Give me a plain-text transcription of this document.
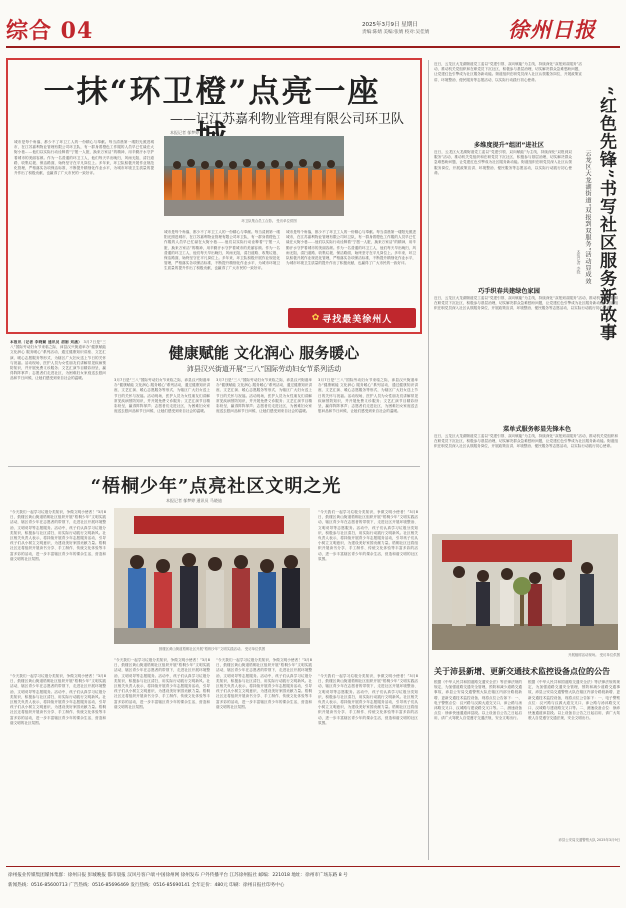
综合 04	2025年3月9日 星期日
责编:陈婧 美编:张婧 校对:吴佳婧	徐州日报
一抹“环卫橙”点亮一座
——记江苏嘉利物业管理有限公司环卫队
本报记者 郁梦婷
环卫队集合员工合影。 受访单位供图
城市是每个角落，都少不了环卫工人的一份精心与奉献。每当清晨第一缕阳光照进城市，在江苏嘉利物业管理有限公司环卫队，有一群身着橙色工作服的人员早已忙碌在大街小巷……他们以实际行动诠释着“宁愿一人脏，换来万家洁”的精神，用辛勤汗水守护着城市的美丽容颜。作为一名普通的环卫工人，他们每天早出晚归，风雨无阻，清扫道路、收集垃圾、保洁路面，始终坚守在平凡岗位上。多年来，环卫队积极开展作业规范化管理，严格落实各项保洁标准，不断提升精细化作业水平，为城市环境卫生质量的提升作出了积极贡献，也赢得了广大市民的一致好评。
城市是每个角落，都少不了环卫工人的一份精心与奉献。每当清晨第一缕阳光照进城市，在江苏嘉利物业管理有限公司环卫队，有一群身着橙色工作服的人员早已忙碌在大街小巷……他们以实际行动诠释着“宁愿一人脏，换来万家洁”的精神，用辛勤汗水守护着城市的美丽容颜。作为一名普通的环卫工人，他们每天早出晚归，风雨无阻，清扫道路、收集垃圾、保洁路面，始终坚守在平凡岗位上。多年来，环卫队积极开展作业规范化管理，严格落实各项保洁标准，不断提升精细化作业水平，为城市环境卫生质量的提升作出了积极贡献，也赢得了广大市民的一致好评。
城市是每个角落，都少不了环卫工人的一份精心与奉献。每当清晨第一缕阳光照进城市，在江苏嘉利物业管理有限公司环卫队，有一群身着橙色工作服的人员早已忙碌在大街小巷……他们以实际行动诠释着“宁愿一人脏，换来万家洁”的精神，用辛勤汗水守护着城市的美丽容颜。作为一名普通的环卫工人，他们每天早出晚归，风雨无阻，清扫道路、收集垃圾、保洁路面，始终坚守在平凡岗位上。多年来，环卫队积极开展作业规范化管理，严格落实各项保洁标准，不断提升精细化作业水平，为城市环境卫生质量的提升作出了积极贡献，也赢得了广大市民的一致好评。
✿ 寻找最美徐州人
本报讯（记者 李晓颖 通讯员 胡娟 刘涵） 3月7日是“三八”国际劳动妇女节来临之际，沛县汉兴街道举办“健康赋能 文化润心 服务暖心”系列活动，通过健康知识讲座、文艺汇演、暖心志愿服务等形式，为辖区广大妇女送上节日的关怀与祝福。活动现场，医护人员为女性朋友们讲解常见疾病预防知识，并开展免费义诊服务；文艺汇演节目精彩纷呈，赢得阵阵掌声；志愿者们走进社区，为困难妇女家庭送去慰问品和节日问候，让她们感受到来自社会的温暖。
健康赋能 文化润心 服务暖心
沛县汉兴街道开展“三八”国际劳动妇女节系列活动
3月7日是“三八”国际劳动妇女节来临之际，沛县汉兴街道举办“健康赋能 文化润心 服务暖心”系列活动，通过健康知识讲座、文艺汇演、暖心志愿服务等形式，为辖区广大妇女送上节日的关怀与祝福。活动现场，医护人员为女性朋友们讲解常见疾病预防知识，并开展免费义诊服务；文艺汇演节目精彩纷呈，赢得阵阵掌声；志愿者们走进社区，为困难妇女家庭送去慰问品和节日问候，让她们感受到来自社会的温暖。
3月7日是“三八”国际劳动妇女节来临之际，沛县汉兴街道举办“健康赋能 文化润心 服务暖心”系列活动，通过健康知识讲座、文艺汇演、暖心志愿服务等形式，为辖区广大妇女送上节日的关怀与祝福。活动现场，医护人员为女性朋友们讲解常见疾病预防知识，并开展免费义诊服务；文艺汇演节目精彩纷呈，赢得阵阵掌声；志愿者们走进社区，为困难妇女家庭送去慰问品和节日问候，让她们感受到来自社会的温暖。
3月7日是“三八”国际劳动妇女节来临之际，沛县汉兴街道举办“健康赋能 文化润心 服务暖心”系列活动，通过健康知识讲座、文艺汇演、暖心志愿服务等形式，为辖区广大妇女送上节日的关怀与祝福。活动现场，医护人员为女性朋友们讲解常见疾病预防知识，并开展免费义诊服务；文艺汇演节目精彩纷呈，赢得阵阵掌声；志愿者们走进社区，为困难妇女家庭送去慰问品和节日问候，让她们感受到来自社会的温暖。
“梧桐少年”点亮社区文明之光
本报记者 郁梦婷 通讯员 马晓迪
“今天我们一起学习垃圾分类知识，争做文明小使者！”3月8日，鼓楼区黄山街道梧桐社区组织开展“梧桐少年”文明实践活动，辖区青少年在志愿者的带领下，走进社区开展环境整治、文明劝导等志愿服务。活动中，孩子们认真学习垃圾分类知识，积极参与社区清扫，用实际行动践行文明新风。社区相关负责人表示，将持续开展青少年志愿服务活动，引导孩子们从小树立文明意识，为建设美好家园贡献力量。梧桐社区还将组织开展读书分享、手工制作、传统文化体验等丰富多彩的活动，进一步丰富辖区青少年的课余生活，营造和谐文明的社区氛围。
鼓楼区黄山街道梧桐社区开展“梧桐少年”文明实践活动。 受访单位供图
“今天我们一起学习垃圾分类知识，争做文明小使者！”3月8日，鼓楼区黄山街道梧桐社区组织开展“梧桐少年”文明实践活动，辖区青少年在志愿者的带领下，走进社区开展环境整治、文明劝导等志愿服务。活动中，孩子们认真学习垃圾分类知识，积极参与社区清扫，用实际行动践行文明新风。社区相关负责人表示，将持续开展青少年志愿服务活动，引导孩子们从小树立文明意识，为建设美好家园贡献力量。梧桐社区还将组织开展读书分享、手工制作、传统文化体验等丰富多彩的活动，进一步丰富辖区青少年的课余生活，营造和谐文明的社区氛围。
“今天我们一起学习垃圾分类知识，争做文明小使者！”3月8日，鼓楼区黄山街道梧桐社区组织开展“梧桐少年”文明实践活动，辖区青少年在志愿者的带领下，走进社区开展环境整治、文明劝导等志愿服务。活动中，孩子们认真学习垃圾分类知识，积极参与社区清扫，用实际行动践行文明新风。社区相关负责人表示，将持续开展青少年志愿服务活动，引导孩子们从小树立文明意识，为建设美好家园贡献力量。梧桐社区还将组织开展读书分享、手工制作、传统文化体验等丰富多彩的活动，进一步丰富辖区青少年的课余生活，营造和谐文明的社区氛围。
“今天我们一起学习垃圾分类知识，争做文明小使者！”3月8日，鼓楼区黄山街道梧桐社区组织开展“梧桐少年”文明实践活动，辖区青少年在志愿者的带领下，走进社区开展环境整治、文明劝导等志愿服务。活动中，孩子们认真学习垃圾分类知识，积极参与社区清扫，用实际行动践行文明新风。社区相关负责人表示，将持续开展青少年志愿服务活动，引导孩子们从小树立文明意识，为建设美好家园贡献力量。梧桐社区还将组织开展读书分享、手工制作、传统文化体验等丰富多彩的活动，进一步丰富辖区青少年的课余生活，营造和谐文明的社区氛围。
“今天我们一起学习垃圾分类知识，争做文明小使者！”3月8日，鼓楼区黄山街道梧桐社区组织开展“梧桐少年”文明实践活动，辖区青少年在志愿者的带领下，走进社区开展环境整治、文明劝导等志愿服务。活动中，孩子们认真学习垃圾分类知识，积极参与社区清扫，用实际行动践行文明新风。社区相关负责人表示，将持续开展青少年志愿服务活动，引导孩子们从小树立文明意识，为建设美好家园贡献力量。梧桐社区还将组织开展读书分享、手工制作、传统文化体验等丰富多彩的活动，进一步丰富辖区青少年的课余生活，营造和谐文明的社区氛围。
“今天我们一起学习垃圾分类知识，争做文明小使者！”3月8日，鼓楼区黄山街道梧桐社区组织开展“梧桐少年”文明实践活动，辖区青少年在志愿者的带领下，走进社区开展环境整治、文明劝导等志愿服务。活动中，孩子们认真学习垃圾分类知识，积极参与社区清扫，用实际行动践行文明新风。社区相关负责人表示，将持续开展青少年志愿服务活动，引导孩子们从小树立文明意识，为建设美好家园贡献力量。梧桐社区还将组织开展读书分享、手工制作、传统文化体验等丰富多彩的活动，进一步丰富辖区青少年的课余生活，营造和谐文明的社区氛围。
近日，云龙区大龙湖街道党工委以“党建引领、双向赋能”为主线，持续深化“双报到双服务”活动，推动机关党组织和在职党员下沉社区，积极参与基层治理，切实解决群众急难愁盼问题，让党建红色引擎成为社区服务新动能。街道组织在职党员深入社区认领服务岗位，开展政策宣讲、环境整治、便民服务等志愿活动，以实际行动践行初心使命。
“红色先锋”书写社区服务新故事
云龙区大龙湖街道“双报到双服务”活动显成效
本报记者 李晓
多维度提升“组团”进社区
近日，云龙区大龙湖街道党工委以“党建引领、双向赋能”为主线，持续深化“双报到双服务”活动，推动机关党组织和在职党员下沉社区，积极参与基层治理，切实解决群众急难愁盼问题，让党建红色引擎成为社区服务新动能。街道组织在职党员深入社区认领服务岗位，开展政策宣讲、环境整治、便民服务等志愿活动，以实际行动践行初心使命。
巧手织春共建绿色家园
近日，云龙区大龙湖街道党工委以“党建引领、双向赋能”为主线，持续深化“双报到双服务”活动，推动机关党组织和在职党员下沉社区，积极参与基层治理，切实解决群众急难愁盼问题，让党建红色引擎成为社区服务新动能。街道组织在职党员深入社区认领服务岗位，开展政策宣讲、环境整治、便民服务等志愿活动，以实际行动践行初心使命。
菜单式服务彰显先锋本色
近日，云龙区大龙湖街道党工委以“党建引领、双向赋能”为主线，持续深化“双报到双服务”活动，推动机关党组织和在职党员下沉社区，积极参与基层治理，切实解决群众急难愁盼问题，让党建红色引擎成为社区服务新动能。街道组织在职党员深入社区认领服务岗位，开展政策宣讲、环境整治、便民服务等志愿活动，以实际行动践行初心使命。
开展植树活动现场。 受访单位供图
关于沛县新增、更新交通技术监控设备点位的公告
根据《中华人民共和国道路交通安全法》等法律法规的规定，为加强道路交通安全管理，预防和减少道路交通事故，沛县公安局交通警察大队在辖区内部分路段新增、更新交通技术监控设备，现将点位公告如下：一、电子警察点位：汉兴路与汉源大道交叉口、沛公路与汤沐路交叉口、汉城路与建设路交叉口等。二、测速设备点位：徐沛快速通道沛县段。以上设备自公告之日起启用，请广大驾驶人自觉遵守交通法规，安全文明出行。
根据《中华人民共和国道路交通安全法》等法律法规的规定，为加强道路交通安全管理，预防和减少道路交通事故，沛县公安局交通警察大队在辖区内部分路段新增、更新交通技术监控设备，现将点位公告如下：一、电子警察点位：汉兴路与汉源大道交叉口、沛公路与汤沐路交叉口、汉城路与建设路交叉口等。二、测速设备点位：徐沛快速通道沛县段。以上设备自公告之日起启用，请广大驾驶人自觉遵守交通法规，安全文明出行。
沛县公安局交通警察大队 2025年3月9日
徐州报业传媒集团媒体集群：徐州日报 彭城晚报 都市晨报 汉风号客户端 中国徐州网 徐州发布 户外传播平台 江苏徐州报社 邮编：221018 地址：徐州市广场东路 8 号
新闻热线：0516-85600713 广告热线：0516-85696469 发行热线：0516-85690141 全年定价：480元 印刷：徐州日报社印务中心
